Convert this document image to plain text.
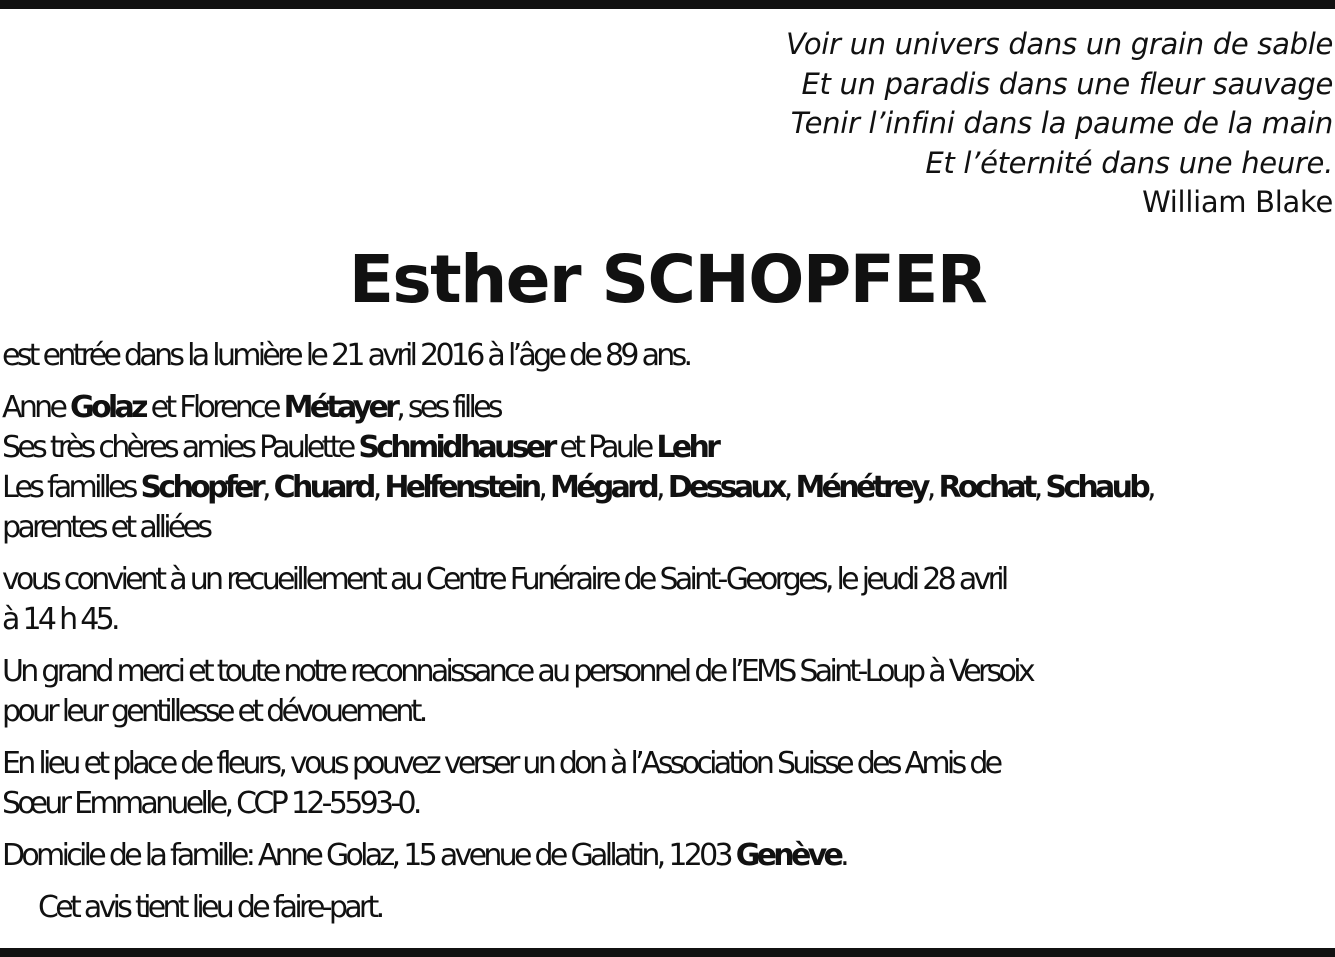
Voir un univers dans un grain de sable
Et un paradis dans une fleur sauvage
Tenir l’infini dans la paume de la main
Et l’éternité dans une heure.
William Blake
Esther SCHOPFER

est entrée dans la lumière le 21 avril 2016 à l’âge de 89 ans.

Anne Golaz et Florence Métayer, ses filles

Ses très chères amies Paulette Schmidhauser et Paule Lehr

Les familles Schopfer, Chuard, Helfenstein, Mégard, Dessaux, Ménétrey, Rochat, Schaub,

parentes et alliées

vous convient à un recueillement au Centre Funéraire de Saint-Georges, le jeudi 28 avril

à 14 h 45.

Un grand merci et toute notre reconnaissance au personnel de l’EMS Saint-Loup à Versoix

pour leur gentillesse et dévouement.

En lieu et place de fleurs, vous pouvez verser un don à l’Association Suisse des Amis de

Sœur Emmanuelle, CCP 12-5593-0.

Domicile de la famille: Anne Golaz, 15 avenue de Gallatin, 1203 Genève.

Cet avis tient lieu de faire-part.
